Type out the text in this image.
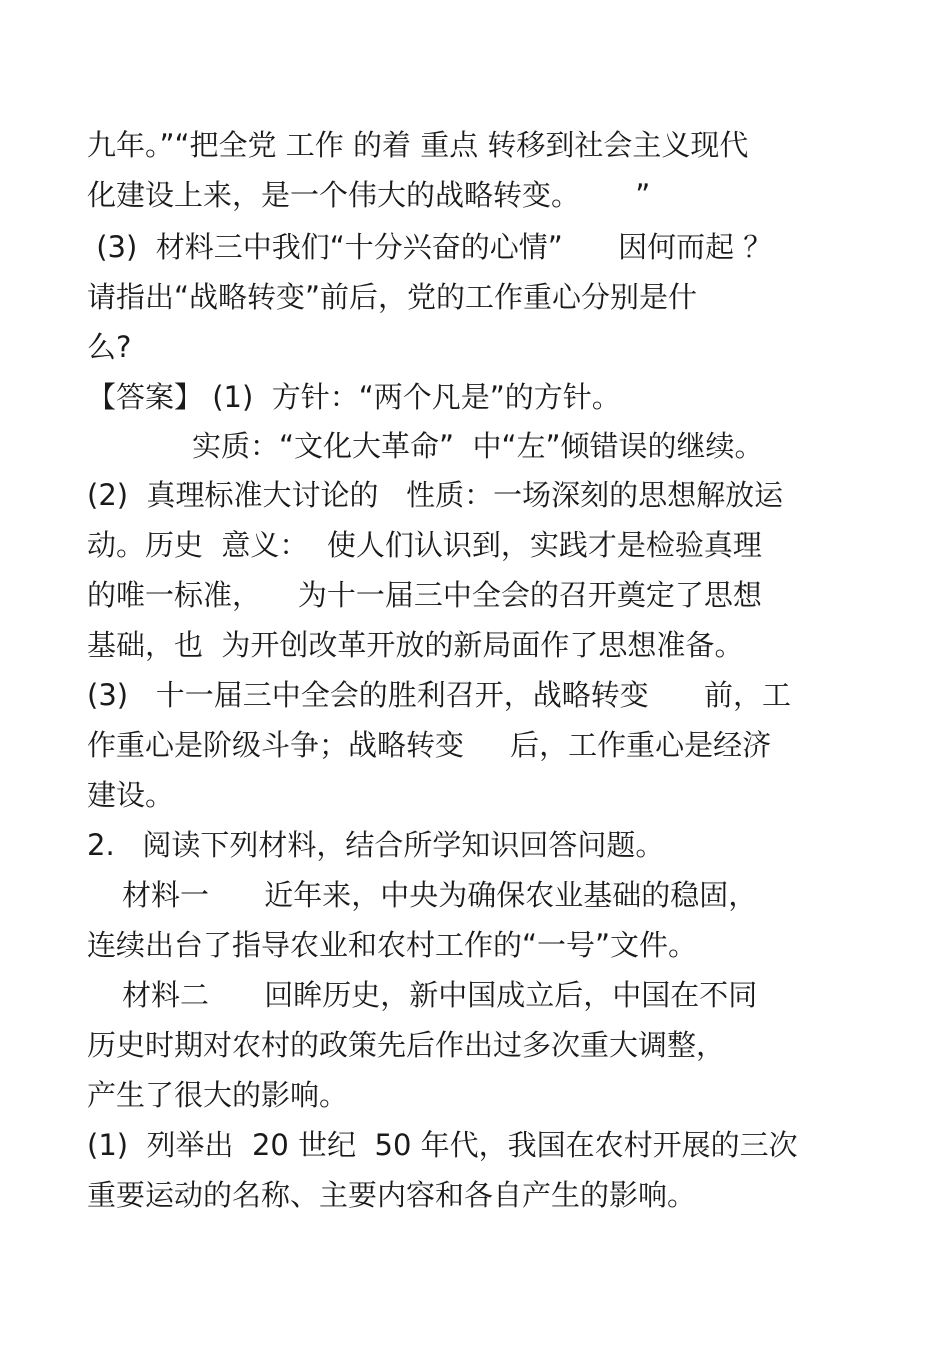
九年。”“把全党 工作 的着 重点 转移到社会主义现代
化建设上来，是一个伟大的战略转变。      ”
(3)  材料三中我们“十分兴奋的心情”      因何而起 ？
请指出“战略转变”前后，党的工作重心分别是什
么?
【答案】 (1)  方针：“两个凡是”的方针。
实质：“文化大革命”  中“左”倾错误的继续。
(2)  真理标准大讨论的   性质：一场深刻的思想解放运
动。历史  意义：  使人们认识到，实践才是检验真理
的唯一标准，    为十一届三中全会的召开奠定了思想
基础，也  为开创改革开放的新局面作了思想准备。
(3)   十一届三中全会的胜利召开，战略转变      前，工
作重心是阶级斗争；战略转变     后，工作重心是经济
建设。
2.   阅读下列材料，结合所学知识回答问题。
材料一      近年来，中央为确保农业基础的稳固，
连续出台了指导农业和农村工作的“一号”文件。
材料二      回眸历史，新中国成立后，中国在不同
历史时期对农村的政策先后作出过多次重大调整，
产生了很大的影响。
(1)  列举出  20 世纪  50 年代，我国在农村开展的三次
重要运动的名称、主要内容和各自产生的影响。
